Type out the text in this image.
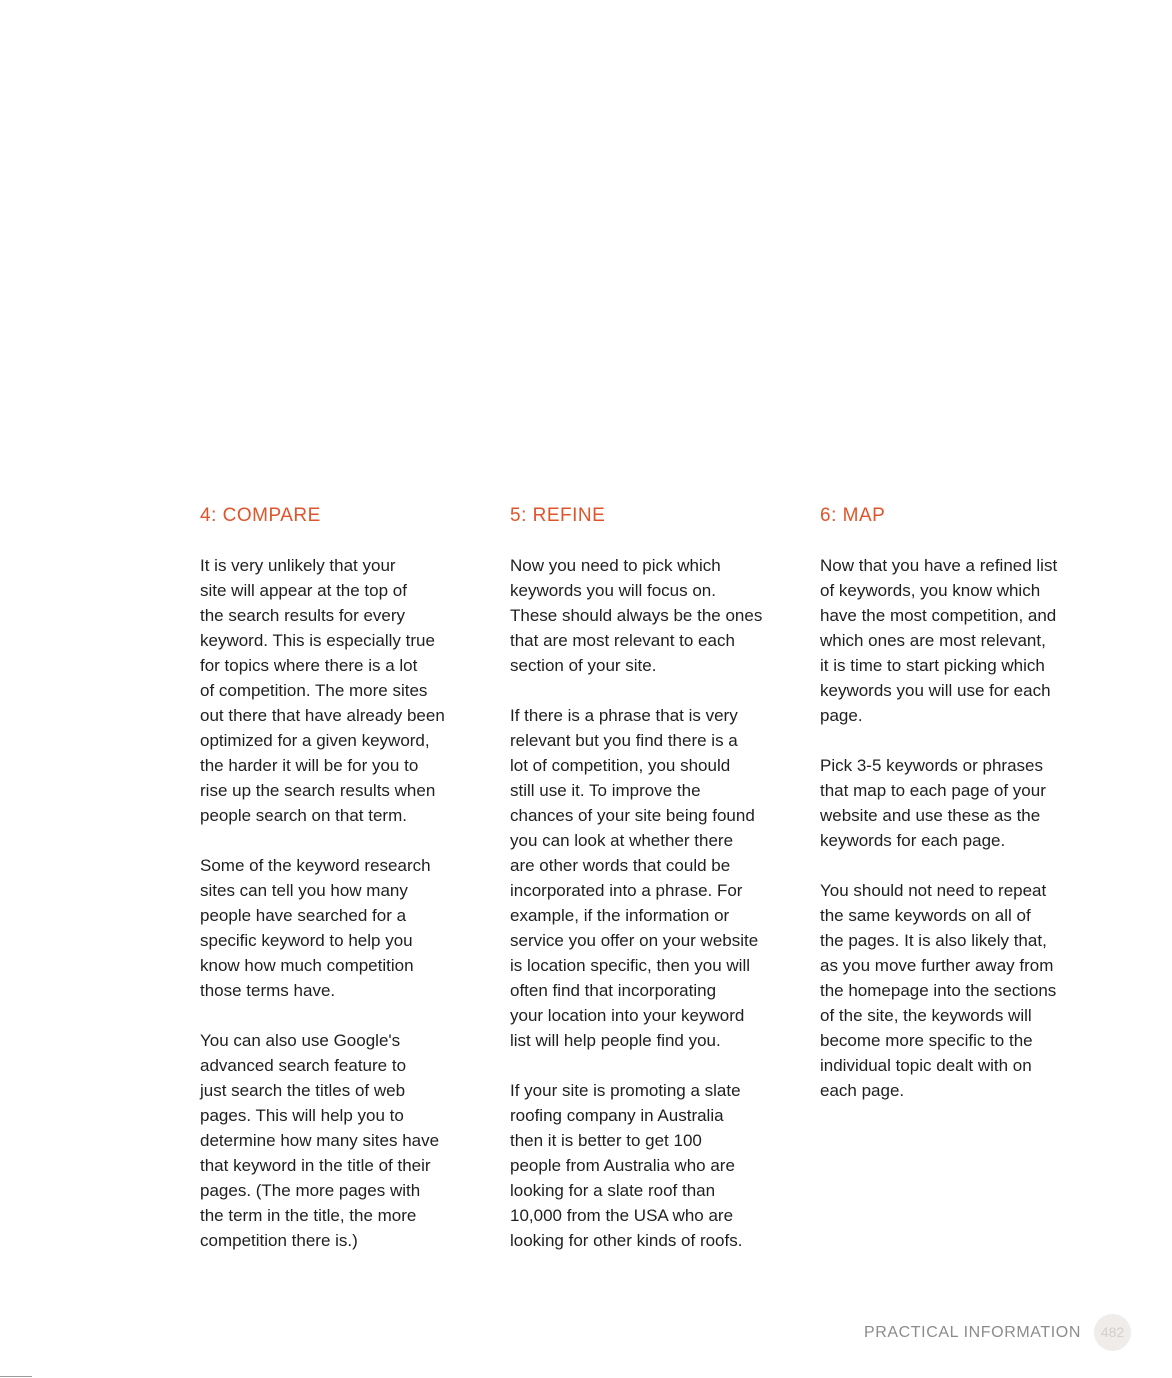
4: COMPARE

It is very unlikely that your
site will appear at the top of
the search results for every
keyword. This is especially true
for topics where there is a lot
of competition. The more sites
out there that have already been
optimized for a given keyword,
the harder it will be for you to
rise up the search results when
people search on that term.

Some of the keyword research
sites can tell you how many
people have searched for a
specific keyword to help you
know how much competition
those terms have.

You can also use Google's
advanced search feature to
just search the titles of web
pages. This will help you to
determine how many sites have
that keyword in the title of their
pages. (The more pages with
the term in the title, the more
competition there is.)

5: REFINE

Now you need to pick which
keywords you will focus on.
These should always be the ones
that are most relevant to each
section of your site.

If there is a phrase that is very
relevant but you find there is a
lot of competition, you should
still use it. To improve the
chances of your site being found
you can look at whether there
are other words that could be
incorporated into a phrase. For
example, if the information or
service you offer on your website
is location specific, then you will
often find that incorporating
your location into your keyword
list will help people find you.

If your site is promoting a slate
roofing company in Australia
then it is better to get 100
people from Australia who are
looking for a slate roof than
10,000 from the USA who are
looking for other kinds of roofs.

6: MAP

Now that you have a refined list
of keywords, you know which
have the most competition, and
which ones are most relevant,
it is time to start picking which
keywords you will use for each
page.

Pick 3-5 keywords or phrases
that map to each page of your
website and use these as the
keywords for each page.

You should not need to repeat
the same keywords on all of
the pages. It is also likely that,
as you move further away from
the homepage into the sections
of the site, the keywords will
become more specific to the
individual topic dealt with on
each page.

PRACTICAL INFORMATION	482
